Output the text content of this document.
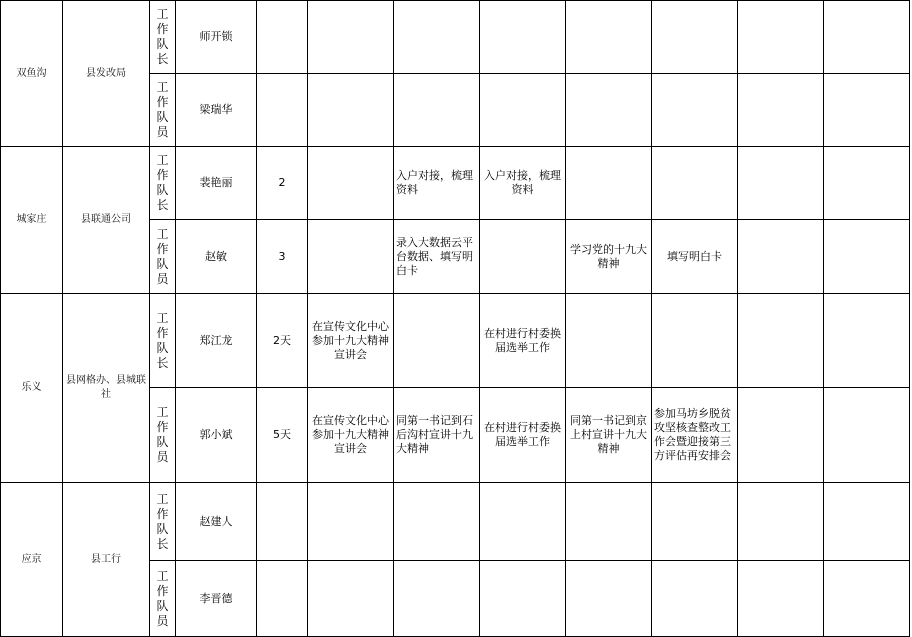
双鱼沟	县发改局	工作队长	师开锁								
		工作队员	梁瑞华								
城家庄	县联通公司	工作队长	裴艳丽	2		入户对接，梳理资料	入户对接，梳理资料				
		工作队员	赵敏	3		录入大数据云平台数据、填写明白卡		学习党的十九大精神	填写明白卡		
乐义	县网格办、县城联社	工作队长	郑江龙	2天	在宣传文化中心参加十九大精神宣讲会		在村进行村委换届选举工作				
		工作队员	郭小斌	5天	在宣传文化中心参加十九大精神宣讲会	同第一书记到石后沟村宣讲十九大精神	在村进行村委换届选举工作	同第一书记到京上村宣讲十九大精神	参加马坊乡脱贫攻坚核查整改工作会暨迎接第三方评估再安排会		
应京	县工行	工作队长	赵建人								
		工作队员	李晋德								
